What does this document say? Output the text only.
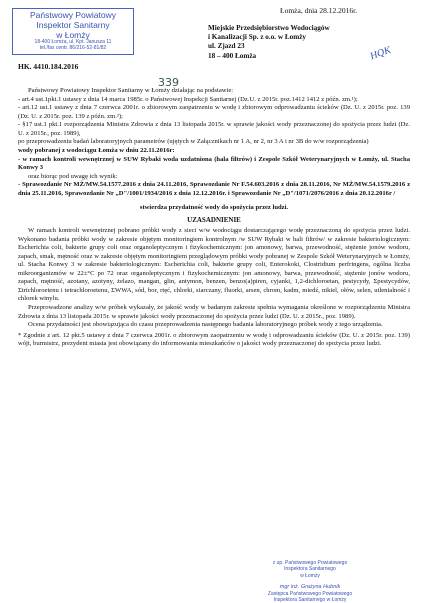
Państwowy Powiatowy
Inspektor Sanitarny
w Łomży
18-400 Łomża, ul. Kpt. Janusza 11
tel./fax centr. 86/216-52-81/82
Łomża, dnia 28.12.2016r.
Miejskie Przedsiębiorstwo Wodociągów
i Kanalizacji Sp. z o.o. w Łomży
ul. Zjazd 23
18 – 400 Łomża	HQK
HK. 4410.184.2016
339

Państwowy Powiatowy Inspektor Sanitarny w Łomży działając na podstawie:

- art.4 ust.1pkt.1 ustawy z dnia 14 marca 1985r. o Państwowej Inspekcji Sanitarnej (Dz.U. z 2015r. poz.1412 1412 z późn. zm.¹);

- art.12 ust.1 ustawy z dnia 7 czerwca 2001r. o zbiorowym zaopatrzeniu w wodę i zbiorowym odprowadzaniu ścieków (Dz. U. z 2015r. poz. 139 (Dz. U. z 2015r. poz. 139 z późn. zm.²);

- §17 ust.1 pkt.1 rozporządzenia Ministra Zdrowia z dnia 13 listopada 2015r. w sprawie jakości wody przeznaczonej do spożycia przez ludzi (Dz. U. z 2015r., poz. 1989),

po przeprowadzeniu badań laboratoryjnych parametrów (ujętych w Załącznikach nr 1 A, nr 2, nr 3 A i nr 3B do w/w rozporządzenia)

wody pobranej z wodociągu Łomża w dniu 22.11.2016r:

- w ramach kontroli wewnętrznej w SUW Rybaki woda uzdatniona (hala filtrów) i Zespole Szkół Weterynaryjnych w Łomży, ul. Stacha Konwy 3

oraz biorąc pod uwagę ich wynik:

- Sprawozdanie Nr MŻ/MW.54.1577.2016 z dnia 24.11.2016, Sprawozdanie Nr F.54.603.2016 z dnia 28.11.2016, Nr MŻ/MW.54.1579.2016 z dnia 25.11.2016, Sprawozdanie Nr „D"/1001/1934/2016 z dnia 12.12.2016r. i Sprawozdanie Nr „D"/1071/2076/2016 z dnia 20.12.2016r /

stwierdza przydatność wody do spożycia przez ludzi.

UZASADNIENIE

W ramach kontroli wewnętrznej pobrano próbki wody z sieci w/w wodociągu dostarczającego wodę przeznaczoną do spożycia przez ludzi. Wykonano badania próbki wody w zakresie objętym monitoringiem kontrolnym /w SUW Rybaki w hali filtrów/ w zakresie bakteriologicznym: Escherichia coli, bakterie grupy coli oraz organoleptycznym i fizykochemicznym: jon amonowy, barwa, przewodność, stężenie jonów wodoru, zapach, smak, mętność oraz w zakresie objętym monitoringiem przeglądowym próbki wody pobranej w Zespole Szkół Weterynaryjnych w Łomży, ul. Stacha Konwy 3 w zakresie bakteriologicznym: Escherichia coli, bakterie grupy coli, Enterokoki, Clostridium perfringens, ogólna liczba mikroorganizmów w 22±°C po 72 oraz organoleptycznym i fizykochemicznym: jon amonowy, barwa, przewodność, stężenie jonów wodoru, zapach, mętność, azotany, azotyny, żelazo, mangan, glin, antymon, benzen, benzo(a)piren, cyjanki, 1,2-dichloroetan, pestycydy, Σpestycydów, Σtrichloroetenu i tetrachloroetenu, ΣWWA, sód, bor, rtęć, chlorki, siarczany, fluorki, arsen, chrom, kadm, miedź, nikiel, ołów, selen, utlenialność i chlorek winylu.

Przeprowadzone analizy w/w próbek wykazały, że jakość wody w badanym zakresie spełnia wymagania określone w rozporządzeniu Ministra Zdrowia z dnia 13 listopada 2015r. w sprawie jakości wody przeznaczonej do spożycia przez ludzi (Dz. U. z 2015r., poz. 1989).

Ocena przydatności jest obowiązująca do czasu przeprowadzenia następnego badania laboratoryjnego próbek wody z tego urządzenia.

* Zgodnie z art. 12 pkt.5 ustawy z dnia 7 czerwca 2001r. o zbiorowym zaopatrzeniu w wodę i odprowadzaniu ścieków (Dz. U. z 2015r. poz. 139) wójt, burmistrz, prezydent miasta jest obowiązany do informowania mieszkańców o jakości wody przeznaczonej do spożycia przez ludzi.

z up. Państwowego Powiatowego
Inspektora Sanitarnego
w Łomży
mgr inż. Grażyna Hubnik
Zastępca Państwowego Powiatowego
Inspektora Sanitarnego w Łomży
